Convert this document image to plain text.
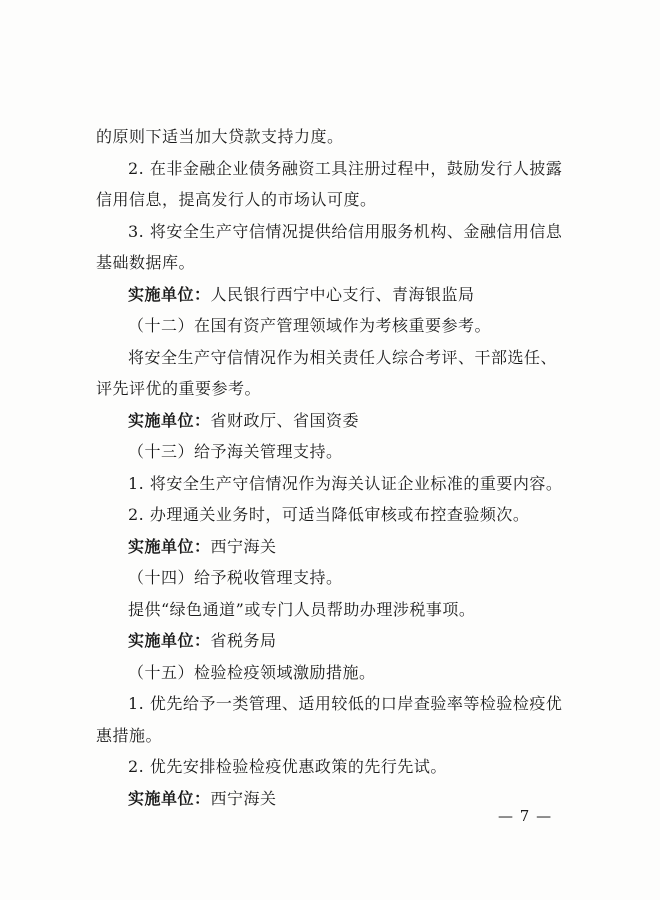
的原则下适当加大贷款支持力度。
2. 在非金融企业债务融资工具注册过程中，鼓励发行人披露
信用信息，提高发行人的市场认可度。
3. 将安全生产守信情况提供给信用服务机构、金融信用信息
基础数据库。
实施单位：人民银行西宁中心支行、青海银监局
（十二）在国有资产管理领域作为考核重要参考。
将安全生产守信情况作为相关责任人综合考评、干部选任、
评先评优的重要参考。
实施单位：省财政厅、省国资委
（十三）给予海关管理支持。
1. 将安全生产守信情况作为海关认证企业标准的重要内容。
2. 办理通关业务时，可适当降低审核或布控查验频次。
实施单位：西宁海关
（十四）给予税收管理支持。
提供“绿色通道”或专门人员帮助办理涉税事项。
实施单位：省税务局
（十五）检验检疫领域激励措施。
1. 优先给予一类管理、适用较低的口岸查验率等检验检疫优
惠措施。
2. 优先安排检验检疫优惠政策的先行先试。
实施单位：西宁海关
— 7 —
